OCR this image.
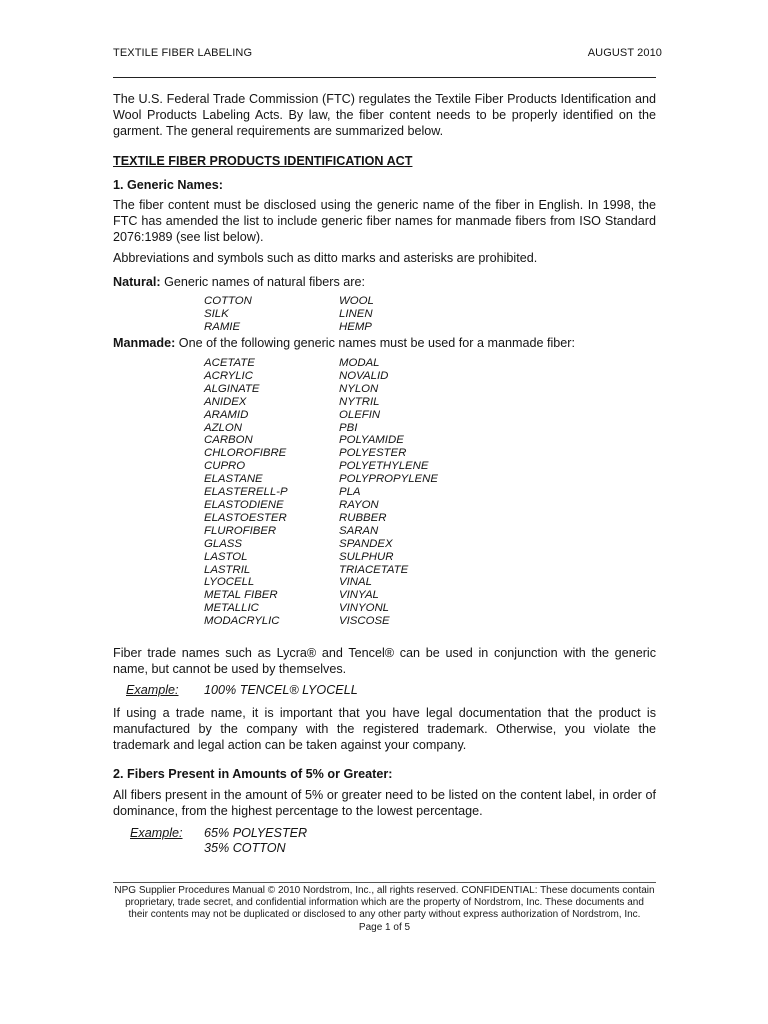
TEXTILE FIBER LABELING	AUGUST 2010
The U.S. Federal Trade Commission (FTC) regulates the Textile Fiber Products Identification and Wool Products Labeling Acts. By law, the fiber content needs to be properly identified on the garment. The general requirements are summarized below.
TEXTILE FIBER PRODUCTS IDENTIFICATION ACT
1. Generic Names:
The fiber content must be disclosed using the generic name of the fiber in English. In 1998, the FTC has amended the list to include generic fiber names for manmade fibers from ISO Standard 2076:1989 (see list below).
Abbreviations and symbols such as ditto marks and asterisks are prohibited.
Natural: Generic names of natural fibers are:
COTTON
SILK
RAMIE
WOOL
LINEN
HEMP
Manmade: One of the following generic names must be used for a manmade fiber:
ACETATE
ACRYLIC
ALGINATE
ANIDEX
ARAMID
AZLON
CARBON
CHLOROFIBRE
CUPRO
ELASTANE
ELASTERELL-P
ELASTODIENE
ELASTOESTER
FLUROFIBER
GLASS
LASTOL
LASTRIL
LYOCELL
METAL FIBER
METALLIC
MODACRYLIC
MODAL
NOVALID
NYLON
NYTRIL
OLEFIN
PBI
POLYAMIDE
POLYESTER
POLYETHYLENE
POLYPROPYLENE
PLA
RAYON
RUBBER
SARAN
SPANDEX
SULPHUR
TRIACETATE
VINAL
VINYAL
VINYONL
VISCOSE
Fiber trade names such as Lycra® and Tencel® can be used in conjunction with the generic name, but cannot be used by themselves.
Example: 100% TENCEL® LYOCELL
If using a trade name, it is important that you have legal documentation that the product is manufactured by the company with the registered trademark. Otherwise, you violate the trademark and legal action can be taken against your company.
2. Fibers Present in Amounts of 5% or Greater:
All fibers present in the amount of 5% or greater need to be listed on the content label, in order of dominance, from the highest percentage to the lowest percentage.
Example: 65% POLYESTER
35% COTTON
NPG Supplier Procedures Manual © 2010 Nordstrom, Inc., all rights reserved. CONFIDENTIAL: These documents contain
proprietary, trade secret, and confidential information which are the property of Nordstrom, Inc. These documents and
their contents may not be duplicated or disclosed to any other party without express authorization of Nordstrom, Inc.
Page 1 of 5
